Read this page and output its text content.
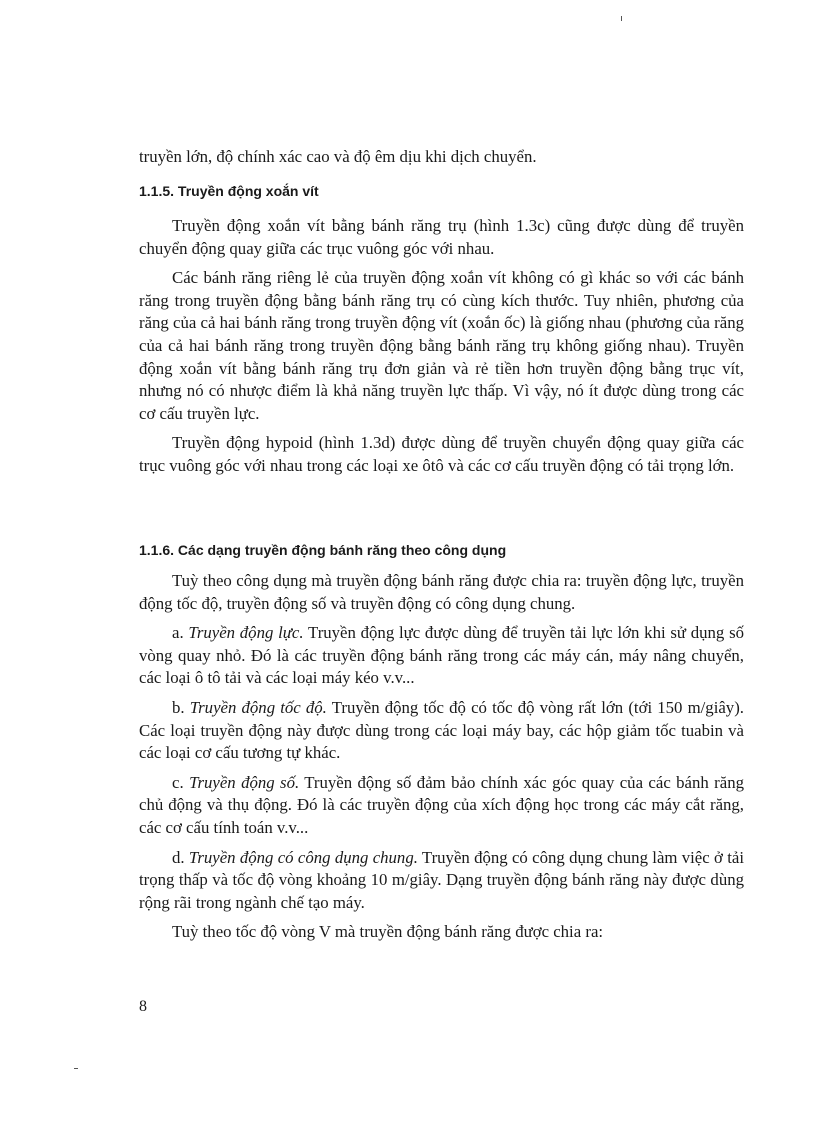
truyền lớn, độ chính xác cao và độ êm dịu khi dịch chuyển.

1.1.5. Truyền động xoắn vít

Truyền động xoắn vít bằng bánh răng trụ (hình 1.3c) cũng được dùng để truyền chuyển động quay giữa các trục vuông góc với nhau.

Các bánh răng riêng lẻ của truyền động xoắn vít không có gì khác so với các bánh răng trong truyền động bằng bánh răng trụ có cùng kích thước. Tuy nhiên, phương của răng của cả hai bánh răng trong truyền động vít (xoắn ốc) là giống nhau (phương của răng của cả hai bánh răng trong truyền động bằng bánh răng trụ không giống nhau). Truyền động xoắn vít bằng bánh răng trụ đơn giản và rẻ tiền hơn truyền động bằng trục vít, nhưng nó có nhược điểm là khả năng truyền lực thấp. Vì vậy, nó ít được dùng trong các cơ cấu truyền lực.

Truyền động hypoid (hình 1.3d) được dùng để truyền chuyển động quay giữa các trục vuông góc với nhau trong các loại xe ôtô và các cơ cấu truyền động có tải trọng lớn.

1.1.6. Các dạng truyền động bánh răng theo công dụng

Tuỳ theo công dụng mà truyền động bánh răng được chia ra: truyền động lực, truyền động tốc độ, truyền động số và truyền động có công dụng chung.

a. Truyền động lực. Truyền động lực được dùng để truyền tải lực lớn khi sử dụng số vòng quay nhỏ. Đó là các truyền động bánh răng trong các máy cán, máy nâng chuyển, các loại ô tô tải và các loại máy kéo v.v...

b. Truyền động tốc độ. Truyền động tốc độ có tốc độ vòng rất lớn (tới 150 m/giây). Các loại truyền động này được dùng trong các loại máy bay, các hộp giảm tốc tuabin và các loại cơ cấu tương tự khác.

c. Truyền động số. Truyền động số đảm bảo chính xác góc quay của các bánh răng chủ động và thụ động. Đó là các truyền động của xích động học trong các máy cắt răng, các cơ cấu tính toán v.v...

d. Truyền động có công dụng chung. Truyền động có công dụng chung làm việc ở tải trọng thấp và tốc độ vòng khoảng 10 m/giây. Dạng truyền động bánh răng này được dùng rộng rãi trong ngành chế tạo máy.

Tuỳ theo tốc độ vòng V mà truyền động bánh răng được chia ra:

8
